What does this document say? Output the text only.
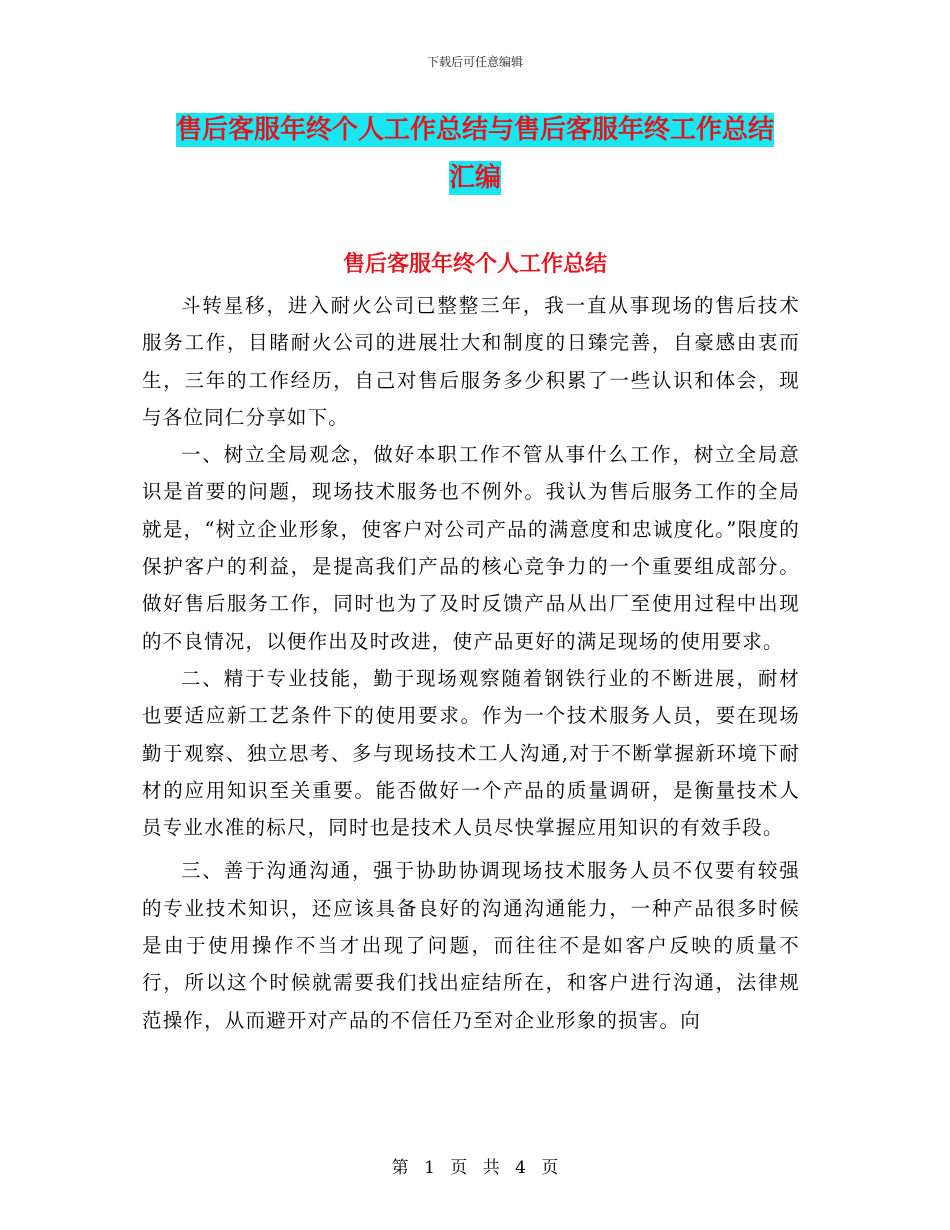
下载后可任意编辑
售后客服年终个人工作总结与售后客服年终工作总结
汇编
售后客服年终个人工作总结

斗转星移，进入耐火公司已整整三年，我一直从事现场的售后技术服务工作，目睹耐火公司的进展壮大和制度的日臻完善，自豪感由衷而生，三年的工作经历，自己对售后服务多少积累了一些认识和体会，现与各位同仁分享如下。

一、树立全局观念，做好本职工作不管从事什么工作，树立全局意识是首要的问题，现场技术服务也不例外。我认为售后服务工作的全局就是，“树立企业形象，使客户对公司产品的满意度和忠诚度化。”限度的保护客户的利益，是提高我们产品的核心竞争力的一个重要组成部分。做好售后服务工作，同时也为了及时反馈产品从出厂至使用过程中出现的不良情况，以便作出及时改进，使产品更好的满足现场的使用要求。

二、精于专业技能，勤于现场观察随着钢铁行业的不断进展，耐材也要适应新工艺条件下的使用要求。作为一个技术服务人员，要在现场勤于观察、独立思考、多与现场技术工人沟通,对于不断掌握新环境下耐材的应用知识至关重要。能否做好一个产品的质量调研，是衡量技术人员专业水准的标尺，同时也是技术人员尽快掌握应用知识的有效手段。

三、善于沟通沟通，强于协助协调现场技术服务人员不仅要有较强的专业技术知识，还应该具备良好的沟通沟通能力，一种产品很多时候是由于使用操作不当才出现了问题，而往往不是如客户反映的质量不行，所以这个时候就需要我们找出症结所在，和客户进行沟通，法律规范操作，从而避开对产品的不信任乃至对企业形象的损害。向

第 1 页 共 4 页
